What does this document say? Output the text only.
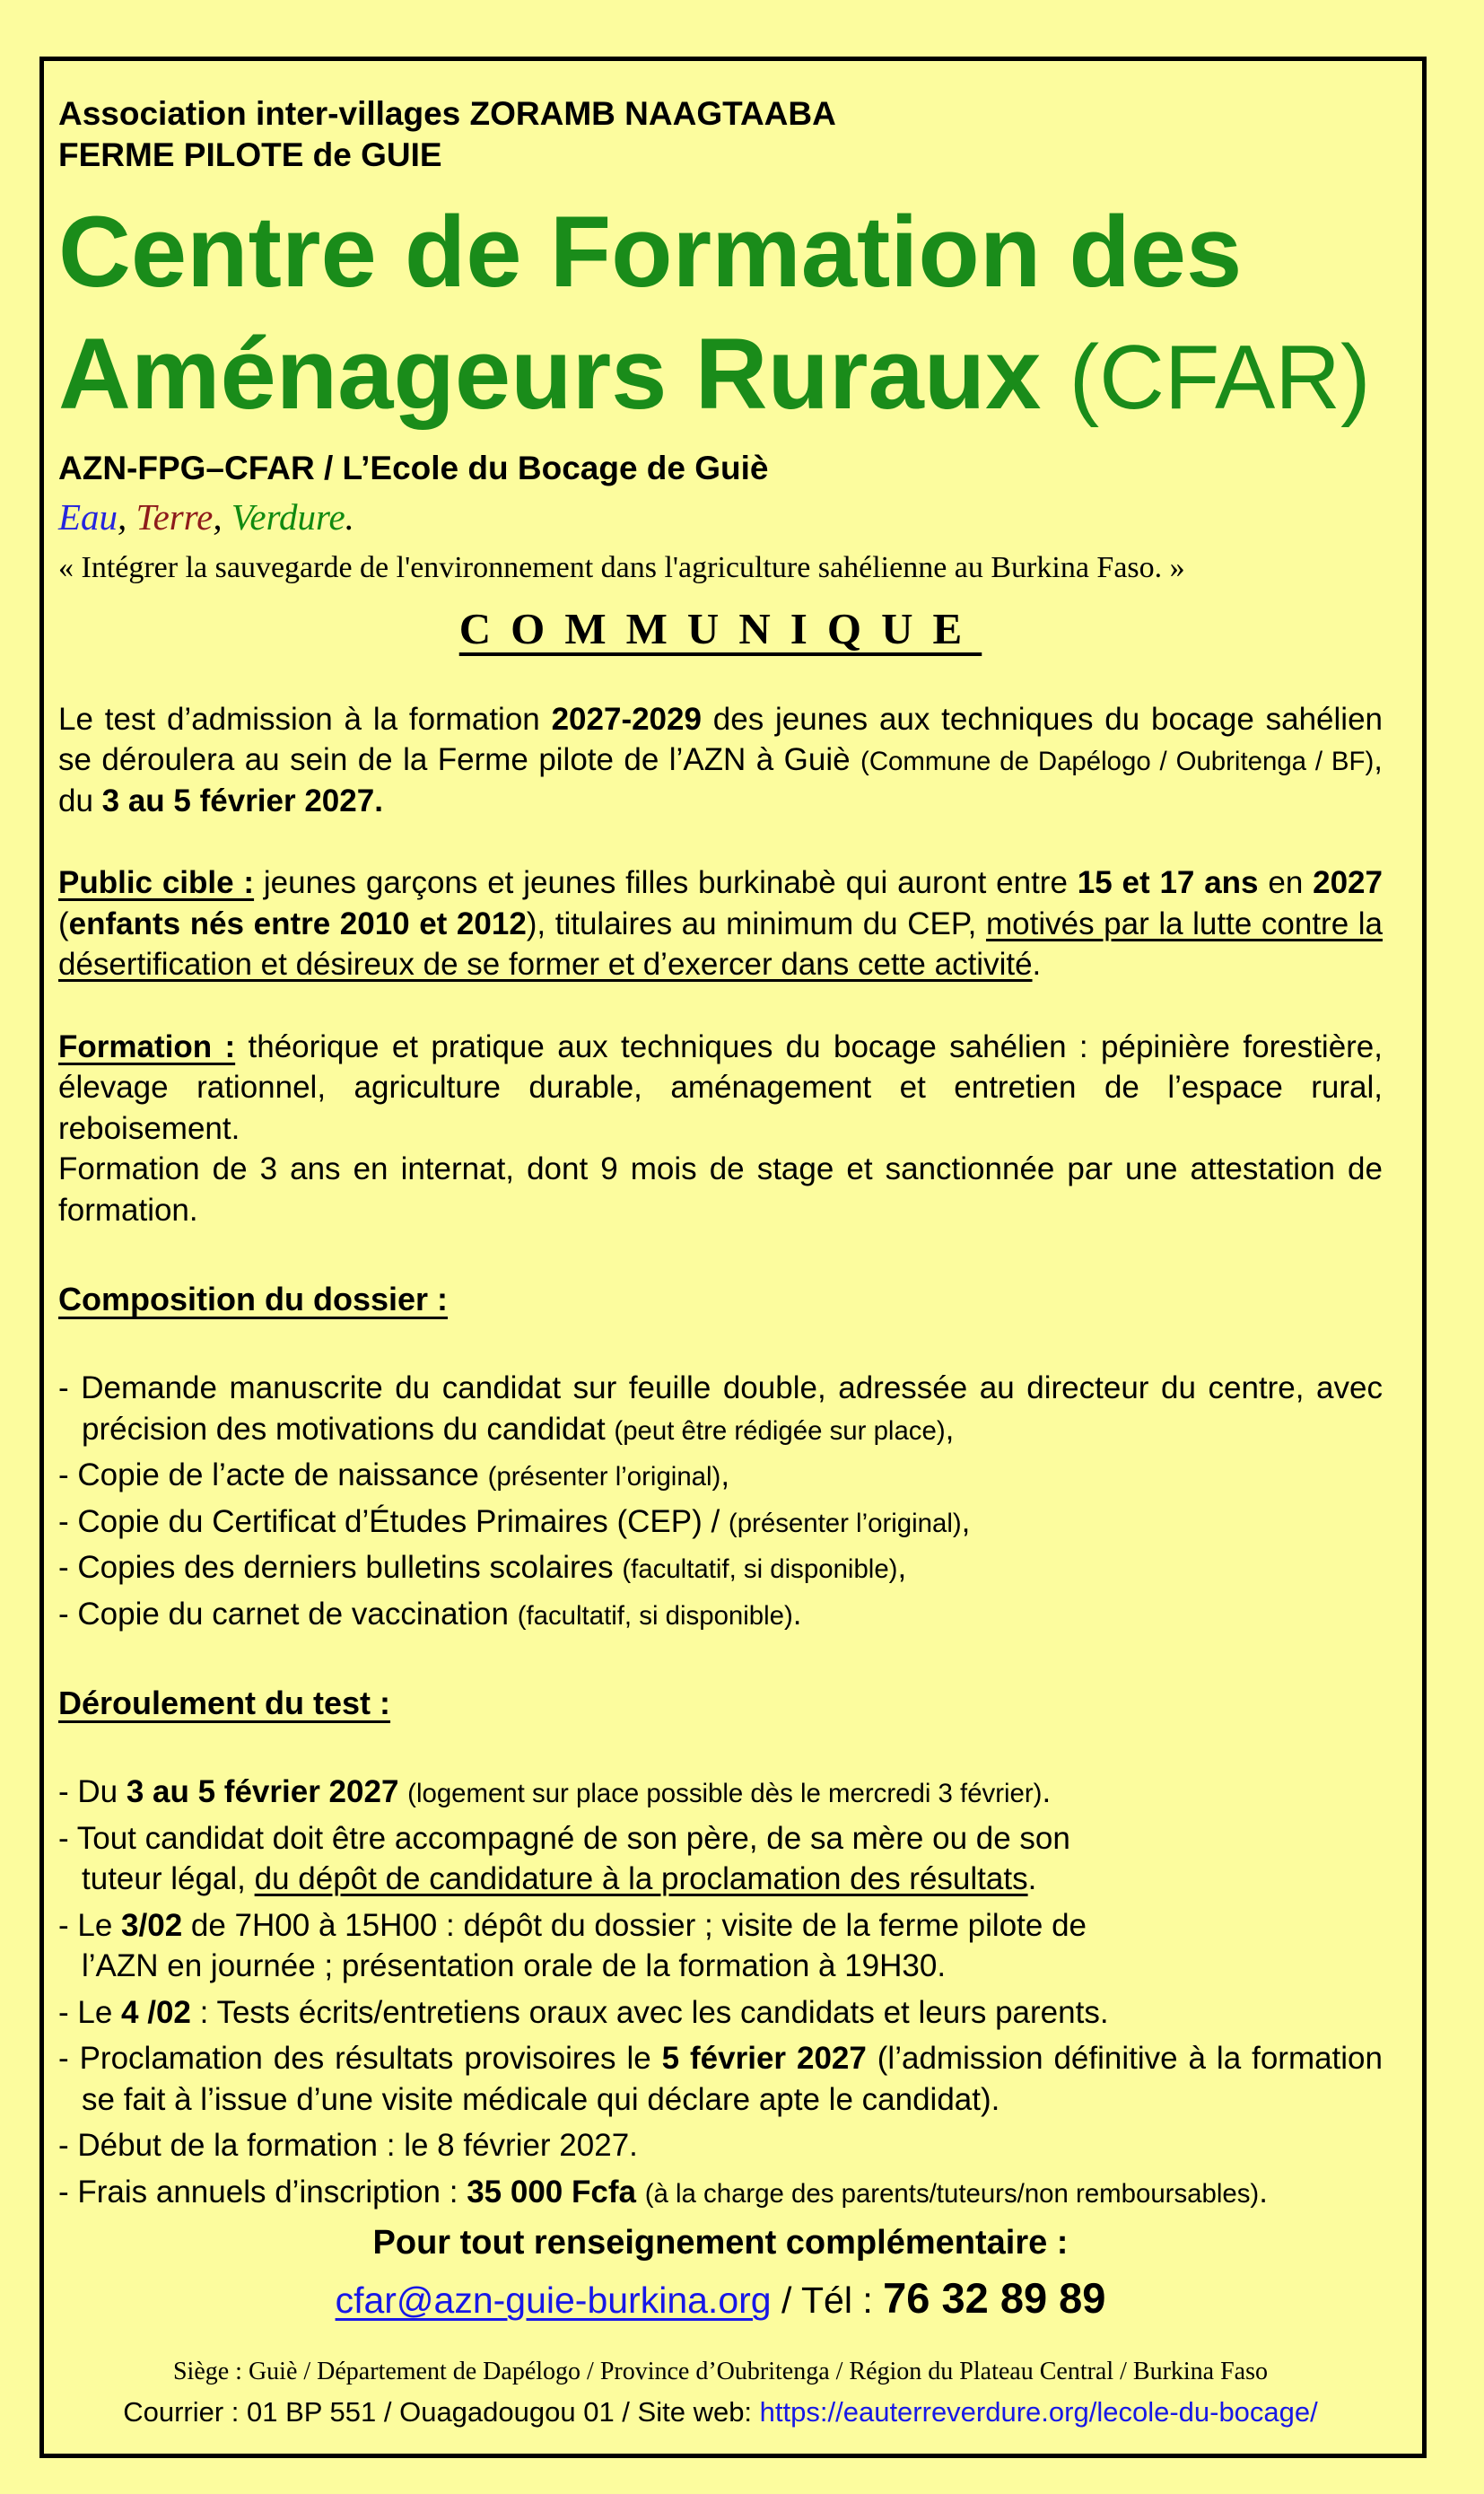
Association inter-villages ZORAMB NAAGTAABA
FERME PILOTE de GUIE
Centre de Formation des
Aménageurs Ruraux (CFAR)
AZN-FPG–CFAR / L’Ecole du Bocage de Guiè
Eau, Terre, Verdure.
« Intégrer la sauvegarde de l'environnement dans l'agriculture sahélienne au Burkina Faso. »
COMMUNIQUE
Le test d’admission à la formation 2027-2029 des jeunes aux techniques du bocage sahélien se déroulera au sein de la Ferme pilote de l’AZN à Guiè (Commune de Dapélogo / Oubritenga / BF), du 3 au 5 février 2027.
Public cible : jeunes garçons et jeunes filles burkinabè qui auront entre 15 et 17 ans en 2027 (enfants nés entre 2010 et 2012), titulaires au minimum du CEP, motivés par la lutte contre la désertification et désireux de se former et d’exercer dans cette activité.
Formation : théorique et pratique aux techniques du bocage sahélien : pépinière forestière, élevage rationnel, agriculture durable, aménagement et entretien de l’espace rural, reboisement.
Formation de 3 ans en internat, dont 9 mois de stage et sanctionnée par une attestation de formation.
Composition du dossier :
- Demande manuscrite du candidat sur feuille double, adressée au directeur du centre, avec précision des motivations du candidat (peut être rédigée sur place),
- Copie de l’acte de naissance (présenter l’original),
- Copie du Certificat d’Études Primaires (CEP) / (présenter l’original),
- Copies des derniers bulletins scolaires (facultatif, si disponible),
- Copie du carnet de vaccination (facultatif, si disponible).
Déroulement du test :
- Du 3 au 5 février 2027 (logement sur place possible dès le mercredi 3 février).
- Tout candidat doit être accompagné de son père, de sa mère ou de son
tuteur légal, du dépôt de candidature à la proclamation des résultats.
- Le 3/02 de 7H00 à 15H00 : dépôt du dossier ; visite de la ferme pilote de
l’AZN en journée ; présentation orale de la formation à 19H30.
- Le 4 /02 : Tests écrits/entretiens oraux avec les candidats et leurs parents.
- Proclamation des résultats provisoires le 5 février 2027 (l’admission définitive à la formation se fait à l’issue d’une visite médicale qui déclare apte le candidat).
- Début de la formation : le 8 février 2027.
- Frais annuels d’inscription : 35 000 Fcfa (à la charge des parents/tuteurs/non remboursables).
Pour tout renseignement complémentaire :
cfar@azn-guie-burkina.org / Tél : 76 32 89 89
Siège : Guiè / Département de Dapélogo / Province d’Oubritenga / Région du Plateau Central / Burkina Faso
Courrier : 01 BP 551 / Ouagadougou 01 / Site web: https://eauterreverdure.org/lecole-du-bocage/
